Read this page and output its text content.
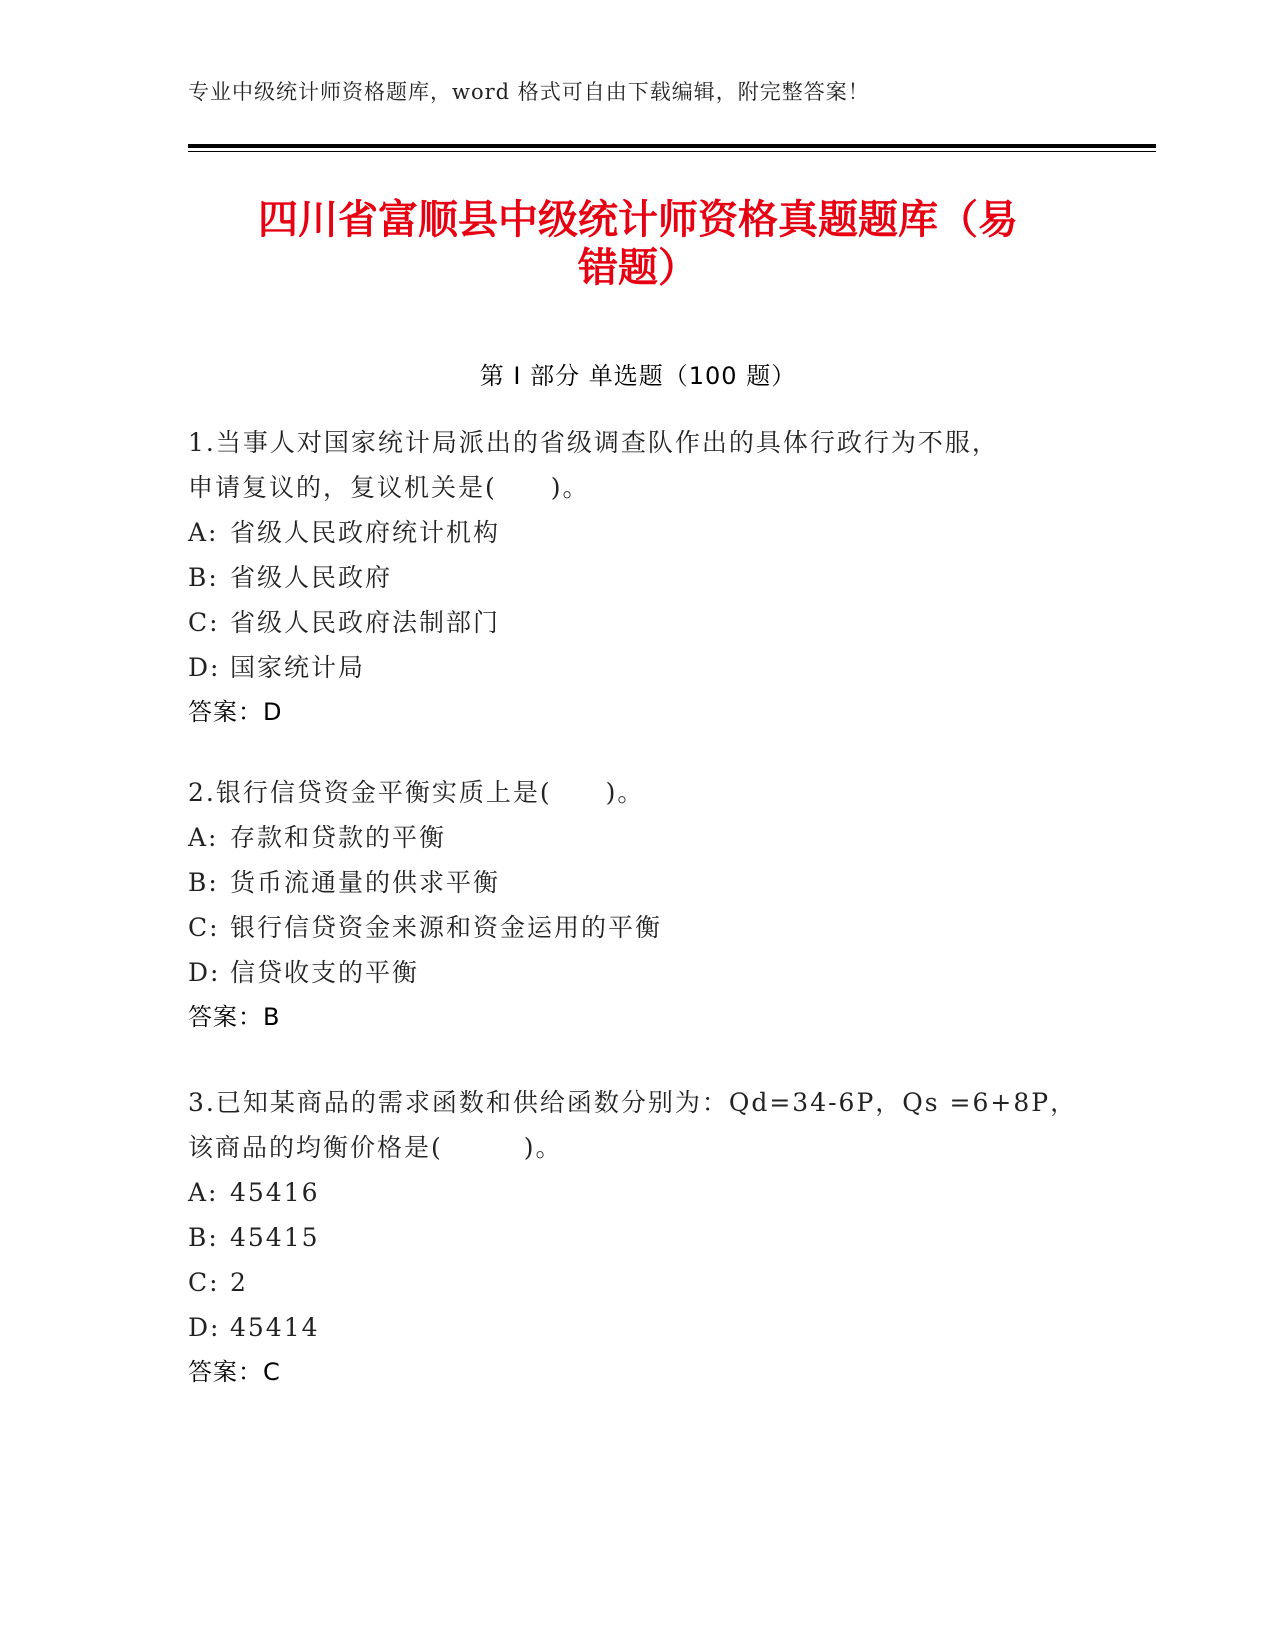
专业中级统计师资格题库，word 格式可自由下载编辑，附完整答案！
四川省富顺县中级统计师资格真题题库（易
错题）
第 I 部分 单选题（100 题）
1.当事人对国家统计局派出的省级调查队作出的具体行政行为不服，
申请复议的，复议机关是(　　)。
A: 省级人民政府统计机构
B: 省级人民政府
C: 省级人民政府法制部门
D: 国家统计局
答案：D
2.银行信贷资金平衡实质上是(　　)。
A: 存款和贷款的平衡
B: 货币流通量的供求平衡
C: 银行信贷资金来源和资金运用的平衡
D: 信贷收支的平衡
答案：B
3.已知某商品的需求函数和供给函数分别为：Qd=34-6P，Qs =6+8P，
该商品的均衡价格是(　　　)。
A: 45416
B: 45415
C: 2
D: 45414
答案：C
